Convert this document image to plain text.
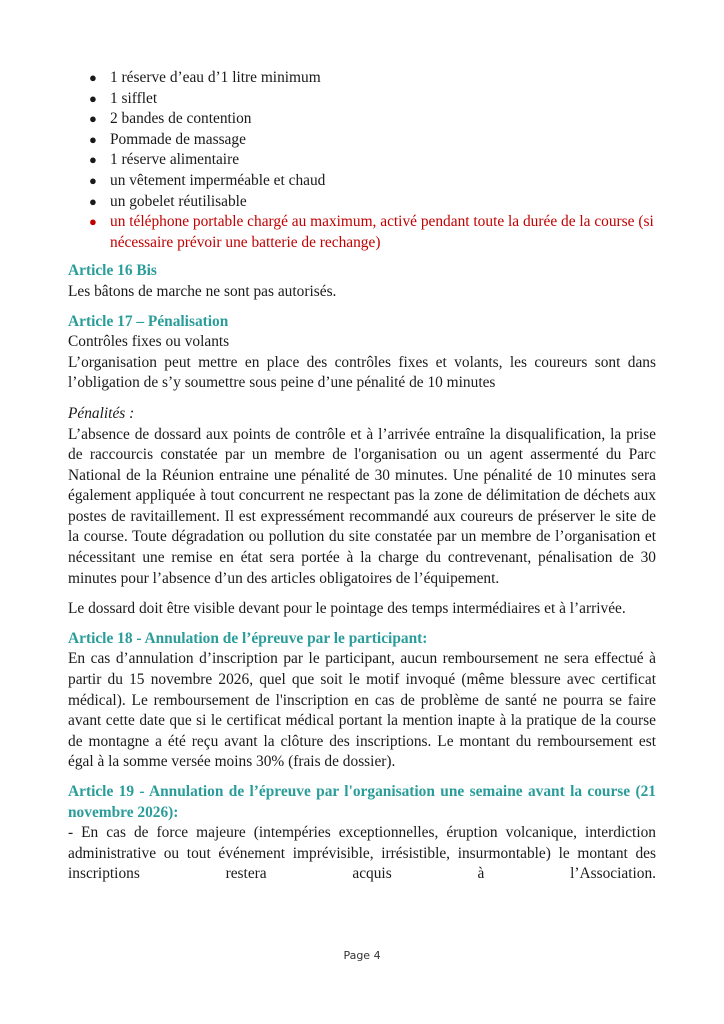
● 1 réserve d’eau d’1 litre minimum
● 1 sifflet
● 2 bandes de contention
● Pommade de massage
● 1 réserve alimentaire
● un vêtement imperméable et chaud
● un gobelet réutilisable
● un téléphone portable chargé au maximum, activé pendant toute la durée de la course (si nécessaire prévoir une batterie de rechange)

Article 16 Bis

Les bâtons de marche ne sont pas autorisés.

Article 17 – Pénalisation

Contrôles fixes ou volants

L’organisation peut mettre en place des contrôles fixes et volants, les coureurs sont dans l’obligation de s’y soumettre sous peine d’une pénalité de 10 minutes

Pénalités :

L’absence de dossard aux points de contrôle et à l’arrivée entraîne la disqualification, la prise de raccourcis constatée par un membre de l'organisation ou un agent assermenté du Parc National de la Réunion entraine une pénalité de 30 minutes. Une pénalité de 10 minutes sera également appliquée à tout concurrent ne respectant pas la zone de délimitation de déchets aux postes de ravitaillement. Il est expressément recommandé aux coureurs de préserver le site de la course. Toute dégradation ou pollution du site constatée par un membre de l’organisation et nécessitant une remise en état sera portée à la charge du contrevenant, pénalisation de 30 minutes pour l’absence d’un des articles obligatoires de l’équipement.

Le dossard doit être visible devant pour le pointage des temps intermédiaires et à l’arrivée.

Article 18 - Annulation de l’épreuve par le participant:

En cas d’annulation d’inscription par le participant, aucun remboursement ne sera effectué à partir du 15 novembre 2026, quel que soit le motif invoqué (même blessure avec certificat médical). Le remboursement de l'inscription en cas de problème de santé ne pourra se faire avant cette date que si le certificat médical portant la mention inapte à la pratique de la course de montagne a été reçu avant la clôture des inscriptions. Le montant du remboursement est égal à la somme versée moins 30% (frais de dossier).

Article 19 - Annulation de l’épreuve par l'organisation une semaine avant la course (21 novembre 2026):

- En cas de force majeure (intempéries exceptionnelles, éruption volcanique, interdiction administrative ou tout événement imprévisible, irrésistible, insurmontable) le montant des inscriptions restera acquis à l’Association.

Page 4
